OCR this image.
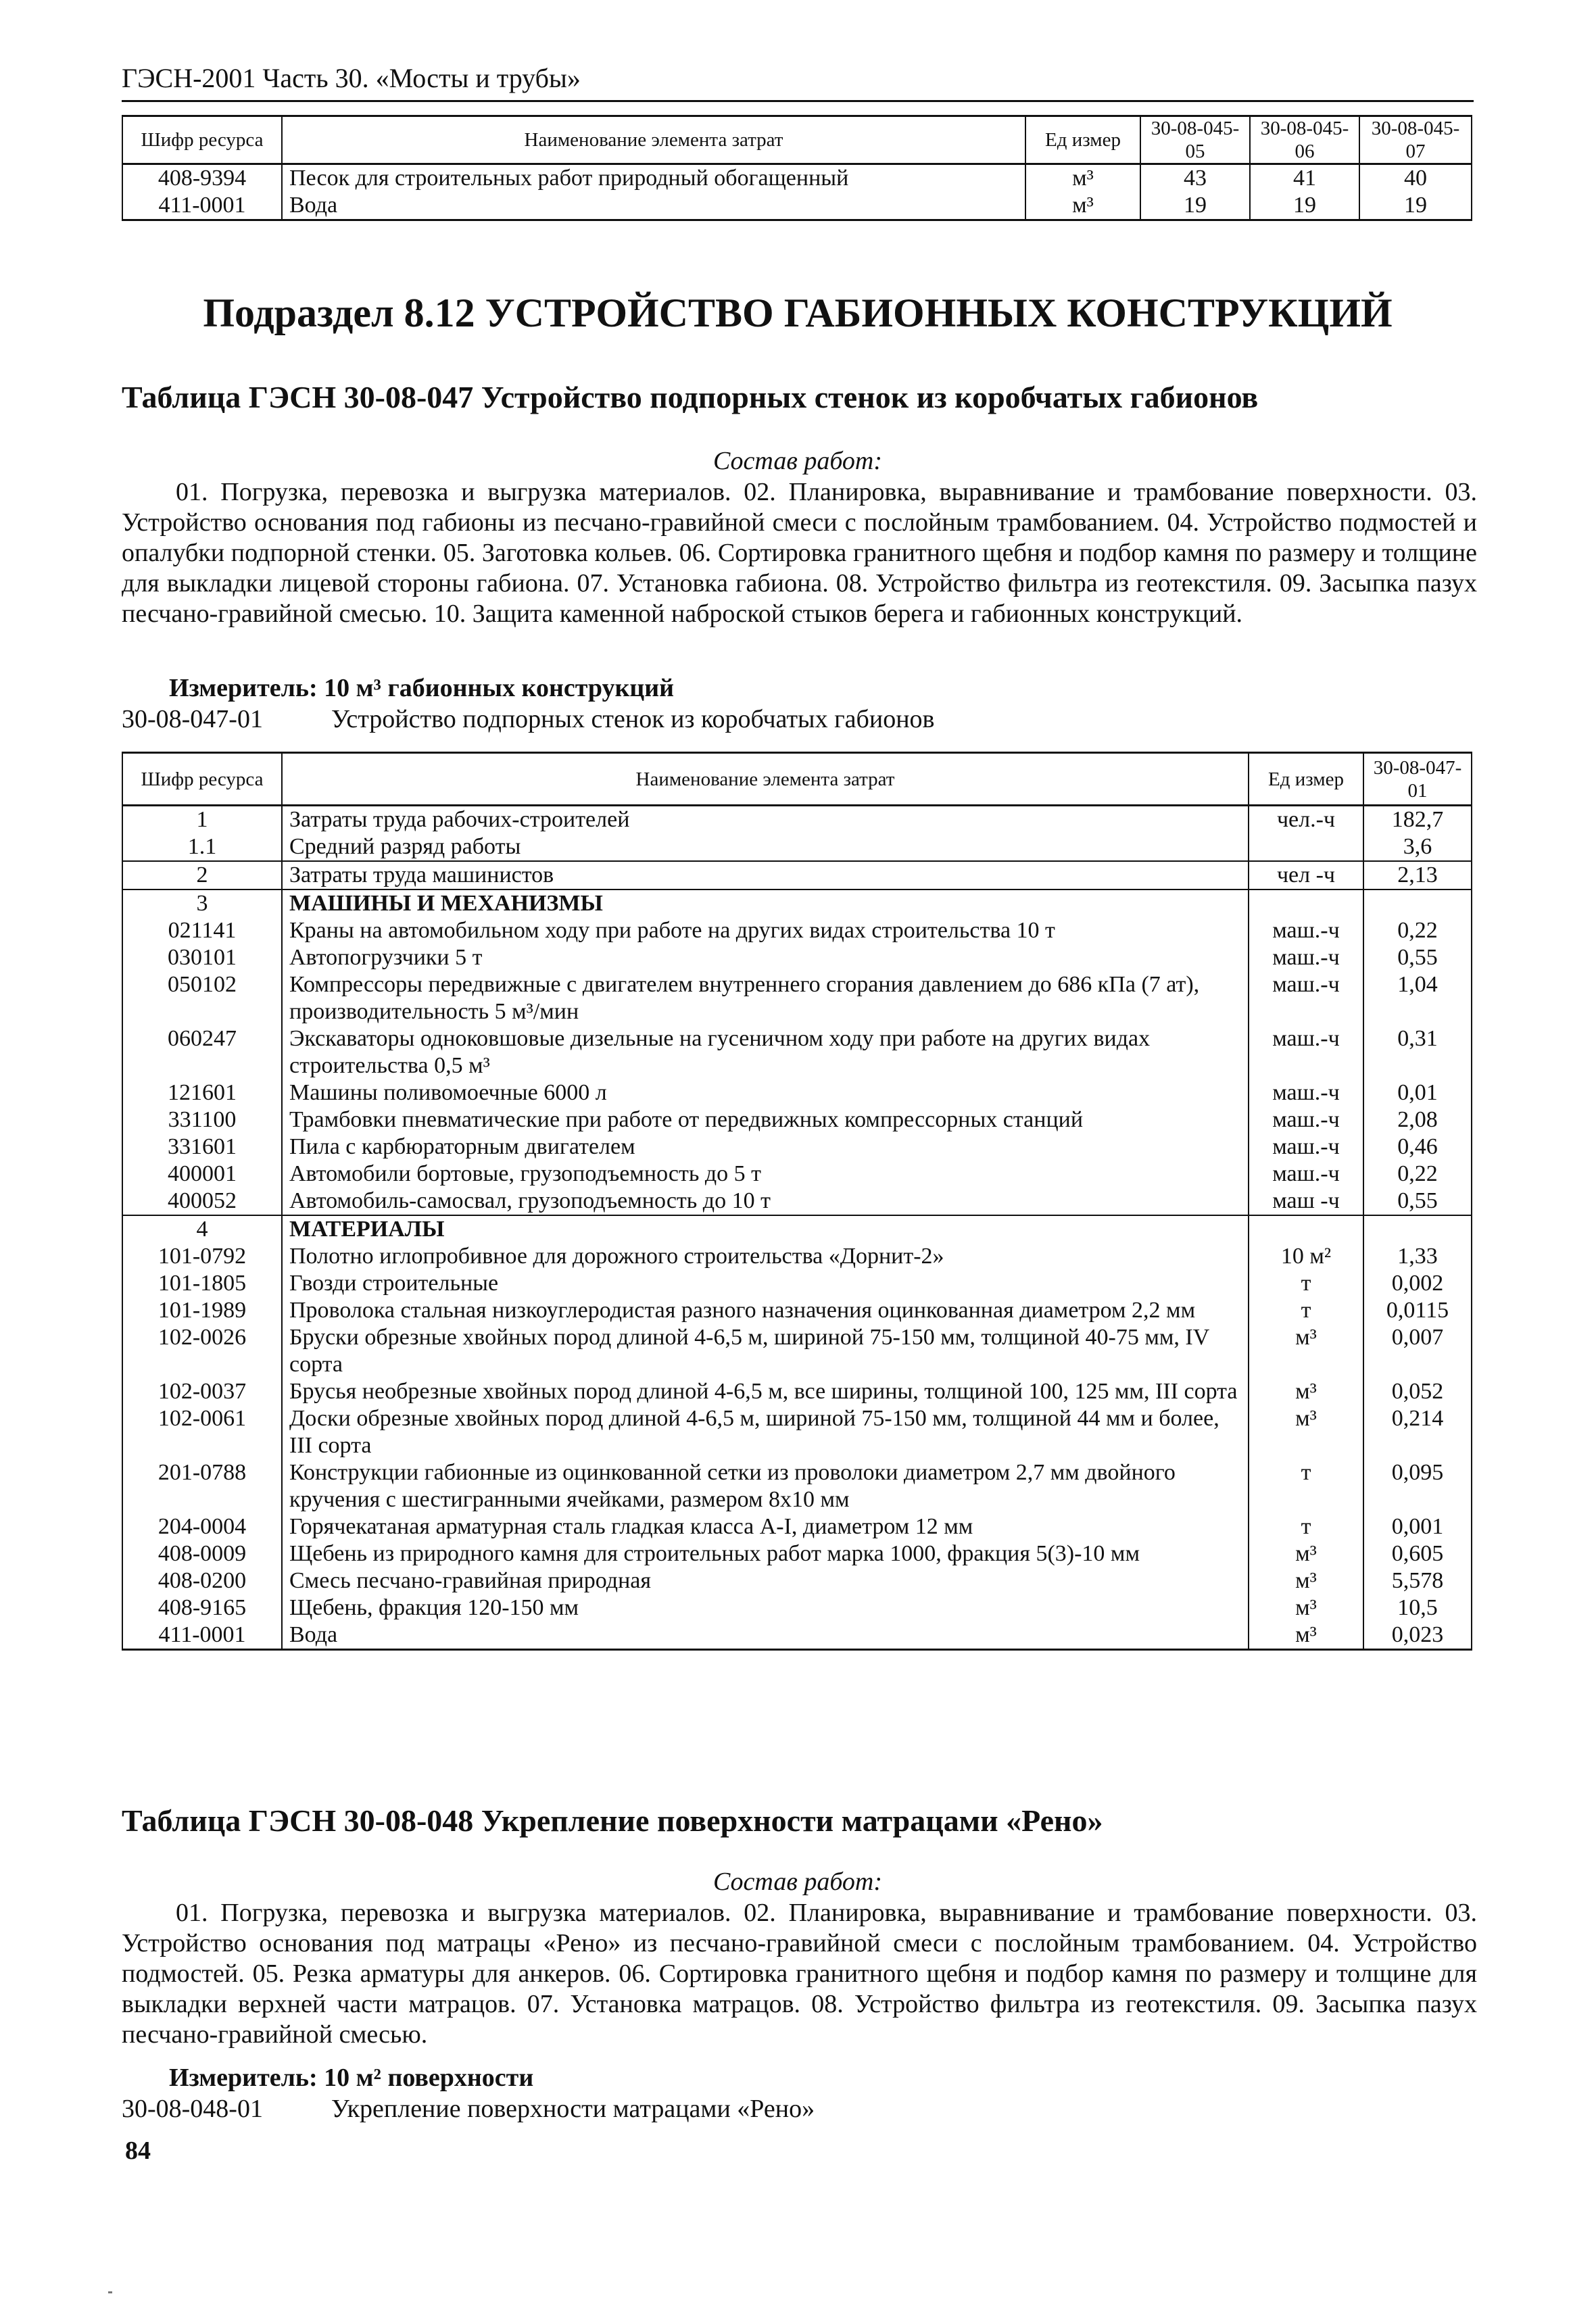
ГЭСН-2001 Часть 30. «Мосты и трубы»
Шифр ресурса	Наименование элемента затрат	Ед измер	30-08-045-05	30-08-045-06	30-08-045-07
408-9394	Песок для строительных работ природный обогащенный	м³	43	41	40
411-0001	Вода	м³	19	19	19
Подраздел 8.12 УСТРОЙСТВО ГАБИОННЫХ КОНСТРУКЦИЙ
Таблица ГЭСН 30-08-047 Устройство подпорных стенок из коробчатых габионов
Состав работ:
01. Погрузка, перевозка и выгрузка материалов. 02. Планировка, выравнивание и трамбование поверхности. 03. Устройство основания под габионы из песчано-гравийной смеси с послойным трамбованием. 04. Устройство подмостей и опалубки подпорной стенки. 05. Заготовка кольев. 06. Сортировка гранитного щебня и подбор камня по размеру и толщине для выкладки лицевой стороны габиона. 07. Установка габиона. 08. Устройство фильтра из геотекстиля. 09. Засыпка пазух песчано-гравийной смесью. 10. Защита каменной наброской стыков берега и габионных конструкций.
Измеритель: 10 м³ габионных конструкций
30-08-047-01	Устройство подпорных стенок из коробчатых габионов
Шифр ресурса	Наименование элемента затрат	Ед измер	30-08-047-01
1	Затраты труда рабочих-строителей	чел.-ч	182,7
1.1	Средний разряд работы		3,6
2	Затраты труда машинистов	чел -ч	2,13
3	МАШИНЫ И МЕХАНИЗМЫ		
021141	Краны на автомобильном ходу при работе на других видах строительства 10 т	маш.-ч	0,22
030101	Автопогрузчики 5 т	маш.-ч	0,55
050102	Компрессоры передвижные с двигателем внутреннего сгорания давлением до 686 кПа (7 ат), производительность 5 м³/мин	маш.-ч	1,04
060247	Экскаваторы одноковшовые дизельные на гусеничном ходу при работе на других видах строительства 0,5 м³	маш.-ч	0,31
121601	Машины поливомоечные 6000 л	маш.-ч	0,01
331100	Трамбовки пневматические при работе от передвижных компрессорных станций	маш.-ч	2,08
331601	Пила с карбюраторным двигателем	маш.-ч	0,46
400001	Автомобили бортовые, грузоподъемность до 5 т	маш.-ч	0,22
400052	Автомобиль-самосвал, грузоподъемность до 10 т	маш -ч	0,55
4	МАТЕРИАЛЫ		
101-0792	Полотно иглопробивное для дорожного строительства «Дорнит-2»	10 м²	1,33
101-1805	Гвозди строительные	т	0,002
101-1989	Проволока стальная низкоуглеродистая разного назначения оцинкованная диаметром 2,2 мм	т	0,0115
102-0026	Бруски обрезные хвойных пород длиной 4-6,5 м, шириной 75-150 мм, толщиной 40-75 мм, IV сорта	м³	0,007
102-0037	Брусья необрезные хвойных пород длиной 4-6,5 м, все ширины, толщиной 100, 125 мм, III сорта	м³	0,052
102-0061	Доски обрезные хвойных пород длиной 4-6,5 м, шириной 75-150 мм, толщиной 44 мм и более, III сорта	м³	0,214
201-0788	Конструкции габионные из оцинкованной сетки из проволоки диаметром 2,7 мм двойного кручения с шестигранными ячейками, размером 8х10 мм	т	0,095
204-0004	Горячекатаная арматурная сталь гладкая класса А-I, диаметром 12 мм	т	0,001
408-0009	Щебень из природного камня для строительных работ марка 1000, фракция 5(3)-10 мм	м³	0,605
408-0200	Смесь песчано-гравийная природная	м³	5,578
408-9165	Щебень, фракция 120-150 мм	м³	10,5
411-0001	Вода	м³	0,023
Таблица ГЭСН 30-08-048 Укрепление поверхности матрацами «Рено»
Состав работ:
01. Погрузка, перевозка и выгрузка материалов. 02. Планировка, выравнивание и трамбование поверхности. 03. Устройство основания под матрацы «Рено» из песчано-гравийной смеси с послойным трамбованием. 04. Устройство подмостей. 05. Резка арматуры для анкеров. 06. Сортировка гранитного щебня и подбор камня по размеру и толщине для выкладки верхней части матрацов. 07. Установка матрацов. 08. Устройство фильтра из геотекстиля. 09. Засыпка пазух песчано-гравийной смесью.
Измеритель: 10 м² поверхности
30-08-048-01	Укрепление поверхности матрацами «Рено»
84
